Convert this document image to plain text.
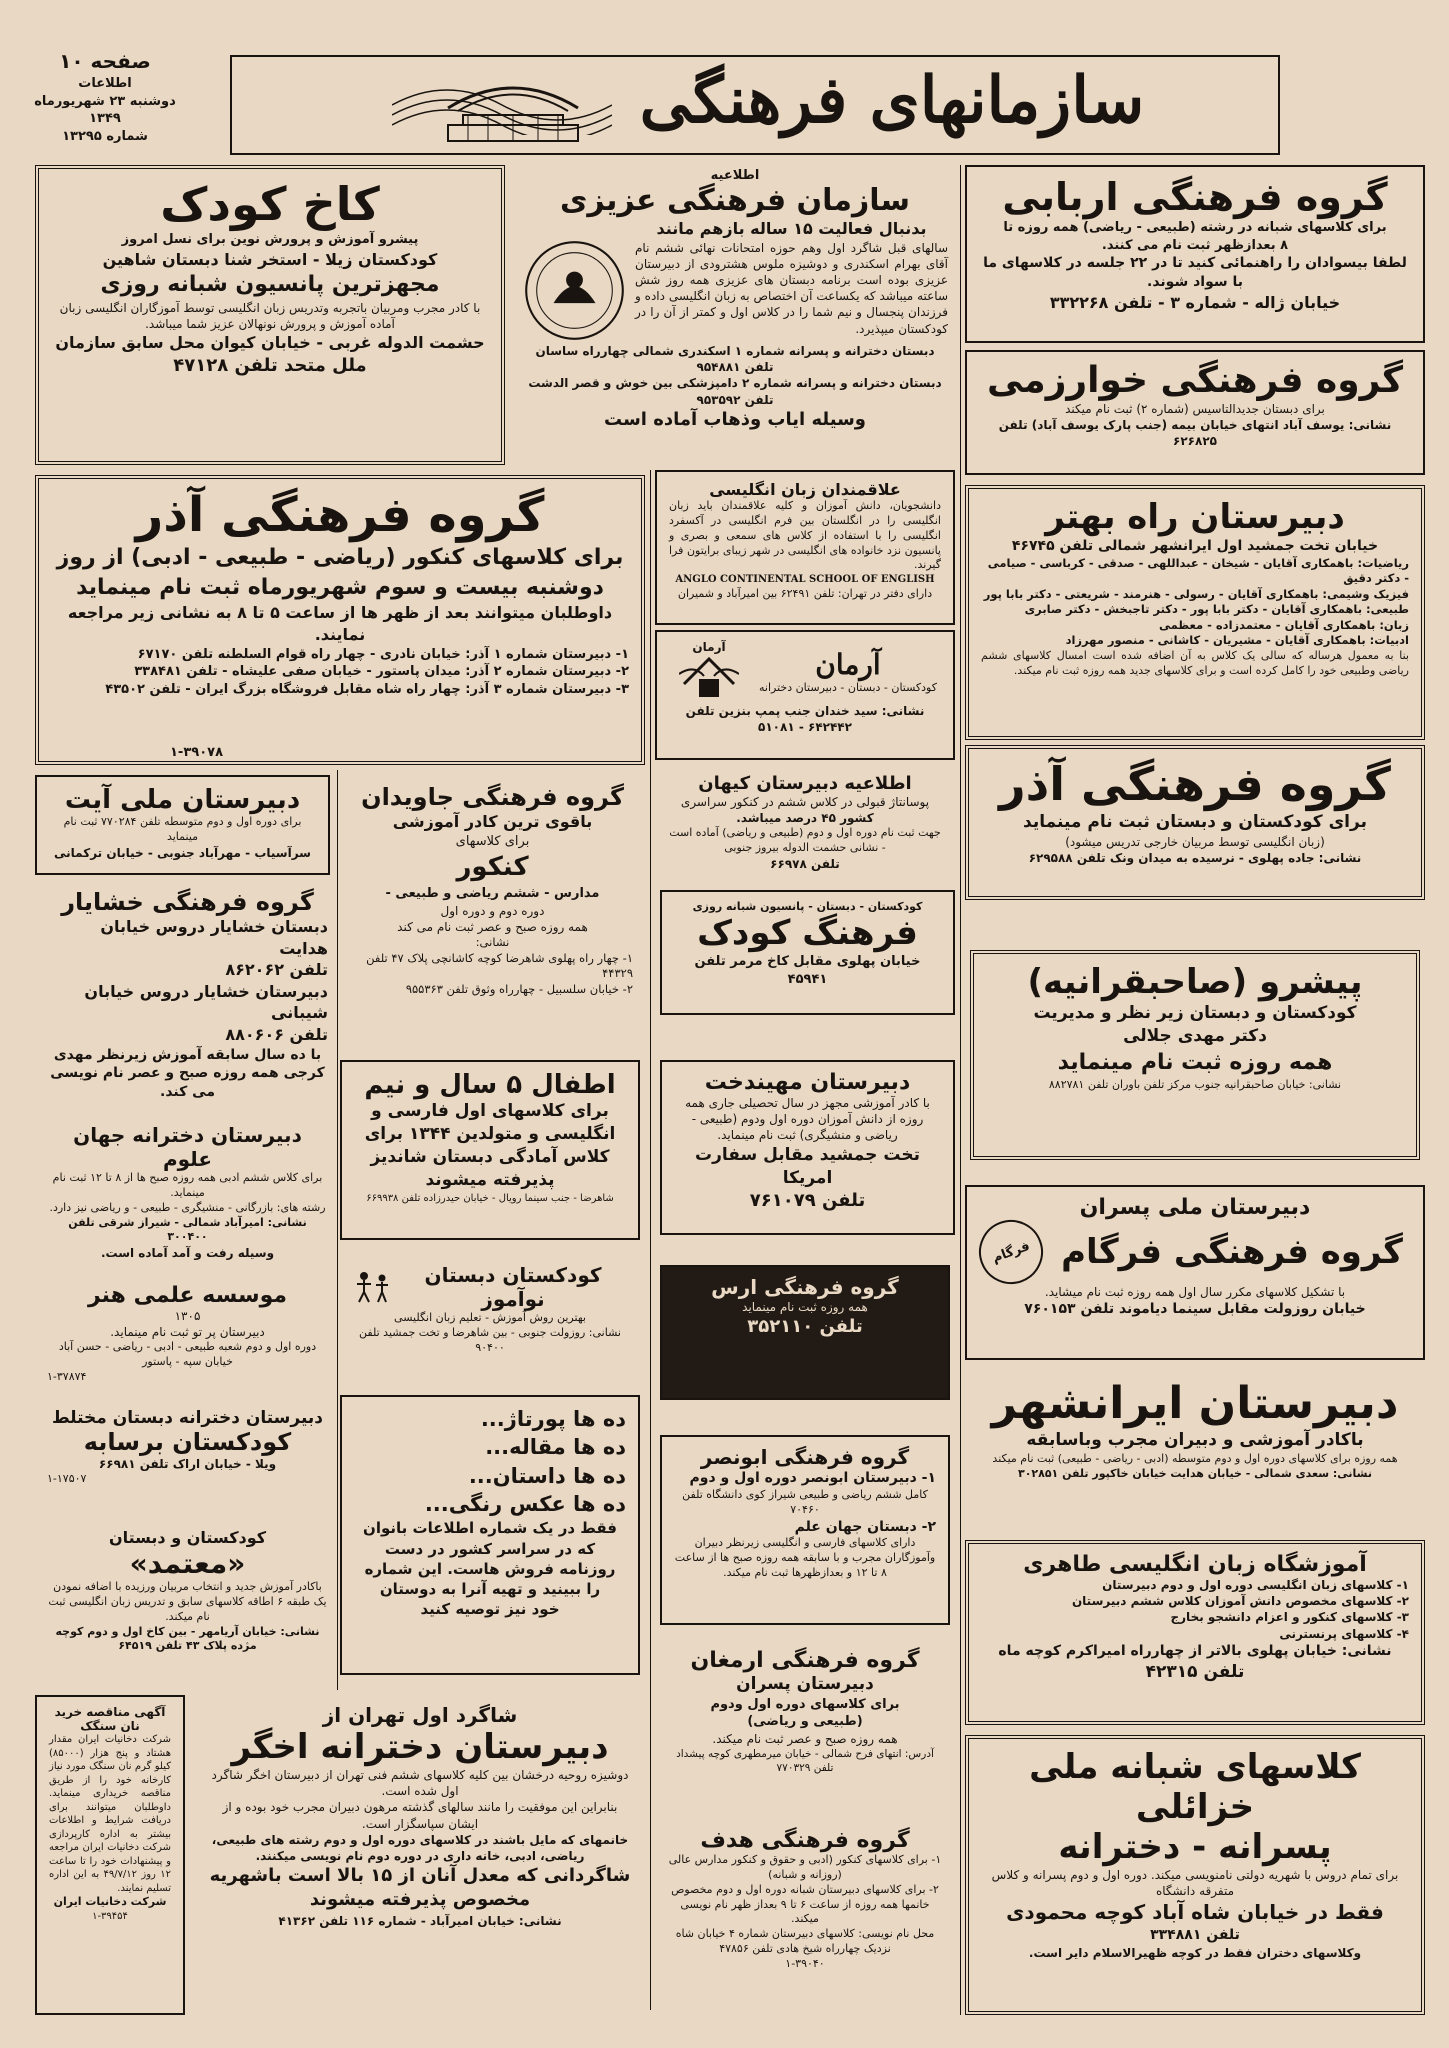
سازمانهای فرهنگی
صفحه ۱۰
اطلاعات
دوشنبه ۲۳ شهریورماه ۱۳۴۹
شماره ۱۳۲۹۵
گروه فرهنگی اربابی
برای کلاسهای شبانه در رشته (طبیعی - ریاضی) همه روزه تا
۸ بعدازظهر ثبت نام می کنند.
لطفا بیسوادان را راهنمائی کنید تا در ۲۲ جلسه در کلاسهای ما با سواد شوند.
خیابان ژاله - شماره ۳ - تلفن ۳۳۲۲۶۸
اطلاعیه
سازمان فرهنگی عزیزی
بدنبال فعالیت ۱۵ ساله بازهم مانند
سالهای قبل شاگرد اول وهم حوزه امتحانات نهائی ششم نام آقای بهرام اسکندری و دوشیزه ملوس هشترودی از دبیرستان عزیزی بوده است برنامه دبستان های عزیزی همه روز شش ساعته میباشد که یکساعت آن اختصاص به زبان انگلیسی داده و فرزندان پنجسال و نیم شما را در کلاس اول و کمتر از آن را در کودکستان میپذیرد.
دبستان دخترانه و پسرانه شماره ۱ اسکندری شمالی چهارراه ساسان تلفن ۹۵۴۸۸۱
دبستان دخترانه و پسرانه شماره ۲ دامپزشکی بین خوش و قصر الدشت تلفن ۹۵۳۵۹۲
وسیله ایاب وذهاب آماده است
کاخ کودک
پیشرو آموزش و پرورش نوین برای نسل امروز
کودکستان زیلا - استخر شنا دبستان شاهین
مجهزترین پانسیون شبانه روزی
با کادر مجرب ومربیان باتجربه وتدریس زبان انگلیسی توسط آموزگاران انگلیسی زبان آماده آموزش و پرورش نونهالان عزیز شما میباشد.
حشمت الدوله غربی - خیابان کیوان محل سابق سازمان
ملل متحد تلفن ۴۷۱۲۸	گروه فرهنگی خوارزمی
برای دبستان جدیدالتاسیس (شماره ۲) ثبت نام میکند
نشانی: یوسف آباد انتهای خیابان بیمه (جنب پارک یوسف آباد) تلفن ۶۲۶۸۲۵
گروه فرهنگی آذر
برای کلاسهای کنکور (ریاضی - طبیعی - ادبی) از روز
دوشنبه بیست و سوم شهریورماه ثبت نام مینماید
داوطلبان میتوانند بعد از ظهر ها از ساعت ۵ تا ۸ به نشانی زیر مراجعه نمایند.
۱- دبیرستان شماره ۱ آذر: خیابان نادری - چهار راه قوام السلطنه تلفن ۶۷۱۷۰
۲- دبیرستان شماره ۲ آذر: میدان پاستور - خیابان صفی علیشاه - تلفن ۳۳۸۴۸۱
۳- دبیرستان شماره ۳ آذر: چهار راه شاه مقابل فروشگاه بزرگ ایران - تلفن ۴۳۵۰۲
۱-۳۹۰۷۸
علاقمندان زبان انگلیسی
دانشجویان، دانش آموزان و کلیه علاقمندان باید زبان انگلیسی را در انگلستان بین فرم انگلیسی در آکسفرد انگلیسی را با استفاده از کلاس های سمعی و بصری و پانسیون نزد خانواده های انگلیسی در شهر زیبای برایتون فرا گیرند.
ANGLO CONTINENTAL SCHOOL OF ENGLISH
دارای دفتر در تهران: تلفن ۶۲۴۹۱ بین امیرآباد و شمیران
آرمان
کودکستان - دبستان - دبیرستان دخترانه
آرمان
نشانی: سید خندان جنب پمپ بنزین تلفن ۶۴۲۴۴۲ - ۵۱۰۸۱
دبیرستان راه بهتر
خیابان تخت جمشید اول ایرانشهر شمالی تلفن ۴۶۷۴۵
ریاضیات: باهمکاری آقایان - شیخان - عبداللهی - صدقی - کرباسی - صیامی - دکتر دقیق
فیزیک وشیمی: باهمکاری آقایان - رسولی - هنرمند - شریعتی - دکتر بابا پور
طبیعی: باهمکاری آقایان - دکتر بابا پور - دکتر تاجبخش - دکتر صابری
زبان: باهمکاری آقایان - معتمدزاده - معظمی
ادبیات: باهمکاری آقایان - مشیریان - کاشانی - منصور مهرزاد
بنا به معمول هرساله که سالی یک کلاس به آن اضافه شده است امسال کلاسهای ششم ریاضی وطبیعی خود را کامل کرده است و برای کلاسهای جدید همه روزه ثبت نام میکند.
دبیرستان ملی آیت
برای دوره اول و دوم متوسطه تلفن ۷۷۰۲۸۴ ثبت نام مینماید
سرآسیاب - مهرآباد جنوبی - خیابان ترکمانی
گروه فرهنگی جاویدان
باقوی ترین کادر آموزشی
برای کلاسهای
کنکور
مدارس - ششم ریاضی و طبیعی -
دوره دوم و دوره اول
همه روزه صبح و عصر ثبت نام می کند
نشانی:
۱- چهار راه پهلوی شاهرضا کوچه کاشانچی پلاک ۴۷ تلفن ۴۴۳۲۹
۲- خیابان سلسبیل - چهارراه وثوق تلفن ۹۵۵۳۶۳
اطلاعیه دبیرستان کیهان
پوسانتاژ قبولی در کلاس ششم در کنکور سراسری
کشور ۴۵ درصد میباشد.
جهت ثبت نام دوره اول و دوم (طبیعی و ریاضی) آماده است - نشانی حشمت الدوله بیروز جنوبی
تلفن ۶۶۹۷۸
گروه فرهنگی آذر
برای کودکستان و دبستان ثبت نام مینماید
(زبان انگلیسی توسط مربیان خارجی تدریس میشود)
نشانی: جاده پهلوی - نرسیده به میدان ونک تلفن ۶۲۹۵۸۸
گروه فرهنگی خشایار
دبستان خشایار دروس خیابان هدایت
تلفن ۸۶۲۰۶۲
دبیرستان خشایار دروس خیابان شیبانی
تلفن ۸۸۰۶۰۶
با ده سال سابقه آموزش زیرنظر مهدی کرجی همه روزه صبح و عصر نام نویسی می کند.
کودکستان - دبستان - پانسیون شبانه روزی
فرهنگ کودک
خیابان پهلوی مقابل کاخ مرمر تلفن ۴۵۹۴۱	پیشرو (صاحبقرانیه)
کودکستان و دبستان زیر نظر و مدیریت
دکتر مهدی جلالی
همه روزه ثبت نام مینماید
نشانی: خیابان صاحبقرانیه جنوب مرکز تلفن باوران تلفن ۸۸۲۷۸۱
اطفال ۵ سال و نیم
برای کلاسهای اول فارسی و
انگلیسی و متولدین ۱۳۴۴ برای
کلاس آمادگی دبستان شاندیز
پذیرفته میشوند
شاهرضا - جنب سینما رویال - خیابان حیدرزاده تلفن ۶۶۹۹۳۸
دبیرستان مهیندخت
با کادر آموزشی مجهز در سال تحصیلی جاری همه روزه از دانش آموزان دوره اول ودوم (طبیعی - ریاضی و منشیگری) ثبت نام مینماید.
تخت جمشید مقابل سفارت امریکا
تلفن ۷۶۱۰۷۹
دبیرستان دخترانه جهان علوم
برای کلاس ششم ادبی همه روزه صبح ها از ۸ تا ۱۲ ثبت نام مینماید.
رشته های: بازرگانی - منشیگری - طبیعی - و ریاضی نیز دارد.
نشانی: امیرآباد شمالی - شیراز شرقی تلفن ۳۰۰۴۰۰
وسیله رفت و آمد آماده است.
دبیرستان ملی پسران
گروه فرهنگی فرگام
فرگام
با تشکیل کلاسهای مکرر سال اول همه روزه ثبت نام میشاید.
خیابان روزولت مقابل سینما دیاموند تلفن ۷۶۰۱۵۳
موسسه علمی هنر
۱۳۰۵
دبیرستان پر تو ثبت نام مینماید.
دوره اول و دوم شعبه طبیعی - ادبی - ریاضی - حسن آباد
خیابان سپه - پاستور
۱-۳۷۸۷۴
کودکستان دبستان نوآموز
بهترین روش آموزش - تعلیم زبان انگلیسی
نشانی: روزولت جنوبی - بین شاهرضا و تخت جمشید تلفن ۹۰۴۰۰
گروه فرهنگی ارس
همه روزه ثبت نام مینماید
تلفن ۳۵۲۱۱۰
دبیرستان ایرانشهر
باکادر آموزشی و دبیران مجرب وباسابقه
همه روزه برای کلاسهای دوره اول و دوم متوسطه (ادبی - ریاضی - طبیعی) ثبت نام میکند
نشانی: سعدی شمالی - خیابان هدایت خیابان خاکپور تلفن ۳۰۲۸۵۱
دبیرستان دخترانه دبستان مختلط
کودکستان برسابه
ویلا - خیابان اراک تلفن ۶۶۹۸۱
۱-۱۷۵۰۷
ده ها پورتاژ...
ده ها مقاله...
ده ها داستان...
ده ها عکس رنگی...
فقط در یک شماره اطلاعات بانوان
که در سراسر کشور در دست
روزنامه فروش هاست. این شماره
را ببینید و تهیه آنرا به دوستان
خود نیز توصیه کنید
گروه فرهنگی ابونصر
۱- دبیرستان ابونصر دوره اول و دوم
کامل ششم ریاضی و طبیعی شیراز کوی دانشگاه تلفن ۷۰۴۶۰
۲- دبستان جهان علم
دارای کلاسهای فارسی و انگلیسی زیرنظر دبیران وآموزگاران مجرب و با سابقه همه روزه صبح ها از ساعت ۸ تا ۱۲ و بعدازظهرها ثبت نام میکند.
کودکستان و دبستان
«معتمد»
باکادر آموزش جدید و انتخاب مربیان ورزیده با اضافه نمودن یک طبقه ۶ اطاقه کلاسهای سابق و تدریس زبان انگلیسی ثبت نام میکند.
نشانی: خیابان آریامهر - بین کاخ اول و دوم کوچه مژده پلاک ۴۳ تلفن ۶۴۵۱۹
آموزشگاه زبان انگلیسی طاهری
۱- کلاسهای زبان انگلیسی دوره اول و دوم دبیرستان
۲- کلاسهای مخصوص دانش آموزان کلاس ششم دبیرستان
۳- کلاسهای کنکور و اعزام دانشجو بخارج
۴- کلاسهای پرنسترنی
نشانی: خیابان پهلوی بالاتر از چهارراه امیراکرم کوچه ماه
تلفن ۴۲۳۱۵
گروه فرهنگی ارمغان
دبیرستان پسران
برای کلاسهای دوره اول ودوم
(طبیعی و ریاضی)
همه روزه صبح و عصر ثبت نام میکند.
آدرس: انتهای فرح شمالی - خیابان میرمطهری کوچه پیشداد تلفن ۷۷۰۳۲۹
آگهی مناقصه خرید نان سنگک
شرکت دخانیات ایران مقدار هشتاد و پنج هزار (۸۵۰۰۰) کیلو گرم نان سنگک مورد نیاز کارخانه خود را از طریق مناقصه خریداری مینماید. داوطلبان میتوانند برای دریافت شرایط و اطلاعات بیشتر به اداره کارپردازی شرکت دخانیات ایران مراجعه و پیشنهادات خود را تا ساعت ۱۲ روز ۴۹/۷/۱۲ به این اداره تسلیم نمایند.
شرکت دخانیات ایران
۱-۳۹۴۵۴
شاگرد اول تهران از
دبیرستان دخترانه اخگر
دوشیزه روحیه درخشان بین کلیه کلاسهای ششم فنی تهران از دبیرستان اخگر شاگرد اول شده است.
بنابراین این موفقیت را مانند سالهای گذشته مرهون دبیران مجرب خود بوده و از ایشان سپاسگزار است.
خانمهای که مایل باشند در کلاسهای دوره اول و دوم رشته های طبیعی، ریاضی، ادبی، خانه داری در دوره دوم نام نویسی میکنند.
شاگردانی که معدل آنان از ۱۵ بالا است باشهریه
مخصوص پذیرفته میشوند
نشانی: خیابان امیرآباد - شماره ۱۱۶ تلفن ۴۱۳۶۲
گروه فرهنگی هدف
۱- برای کلاسهای کنکور (ادبی و حقوق و کنکور مدارس عالی (روزانه و شبانه)
۲- برای کلاسهای دبیرستان شبانه دوره اول و دوم مخصوص خانمها همه روزه از ساعت ۶ تا ۹ بعداز ظهر نام نویسی میکند.
محل نام نویسی: کلاسهای دبیرستان شماره ۴ خیابان شاه نزدیک چهارراه شیخ هادی تلفن ۴۷۸۵۶
۱-۳۹۰۴۰
کلاسهای شبانه ملی خزائلی
پسرانه - دخترانه
برای تمام دروس با شهریه دولتی نامنویسی میکند. دوره اول و دوم پسرانه و کلاس متفرقه دانشگاه
فقط در خیابان شاه آباد کوچه محمودی
تلفن ۳۳۴۸۸۱
وکلاسهای دختران فقط در کوچه ظهیرالاسلام دایر است.
